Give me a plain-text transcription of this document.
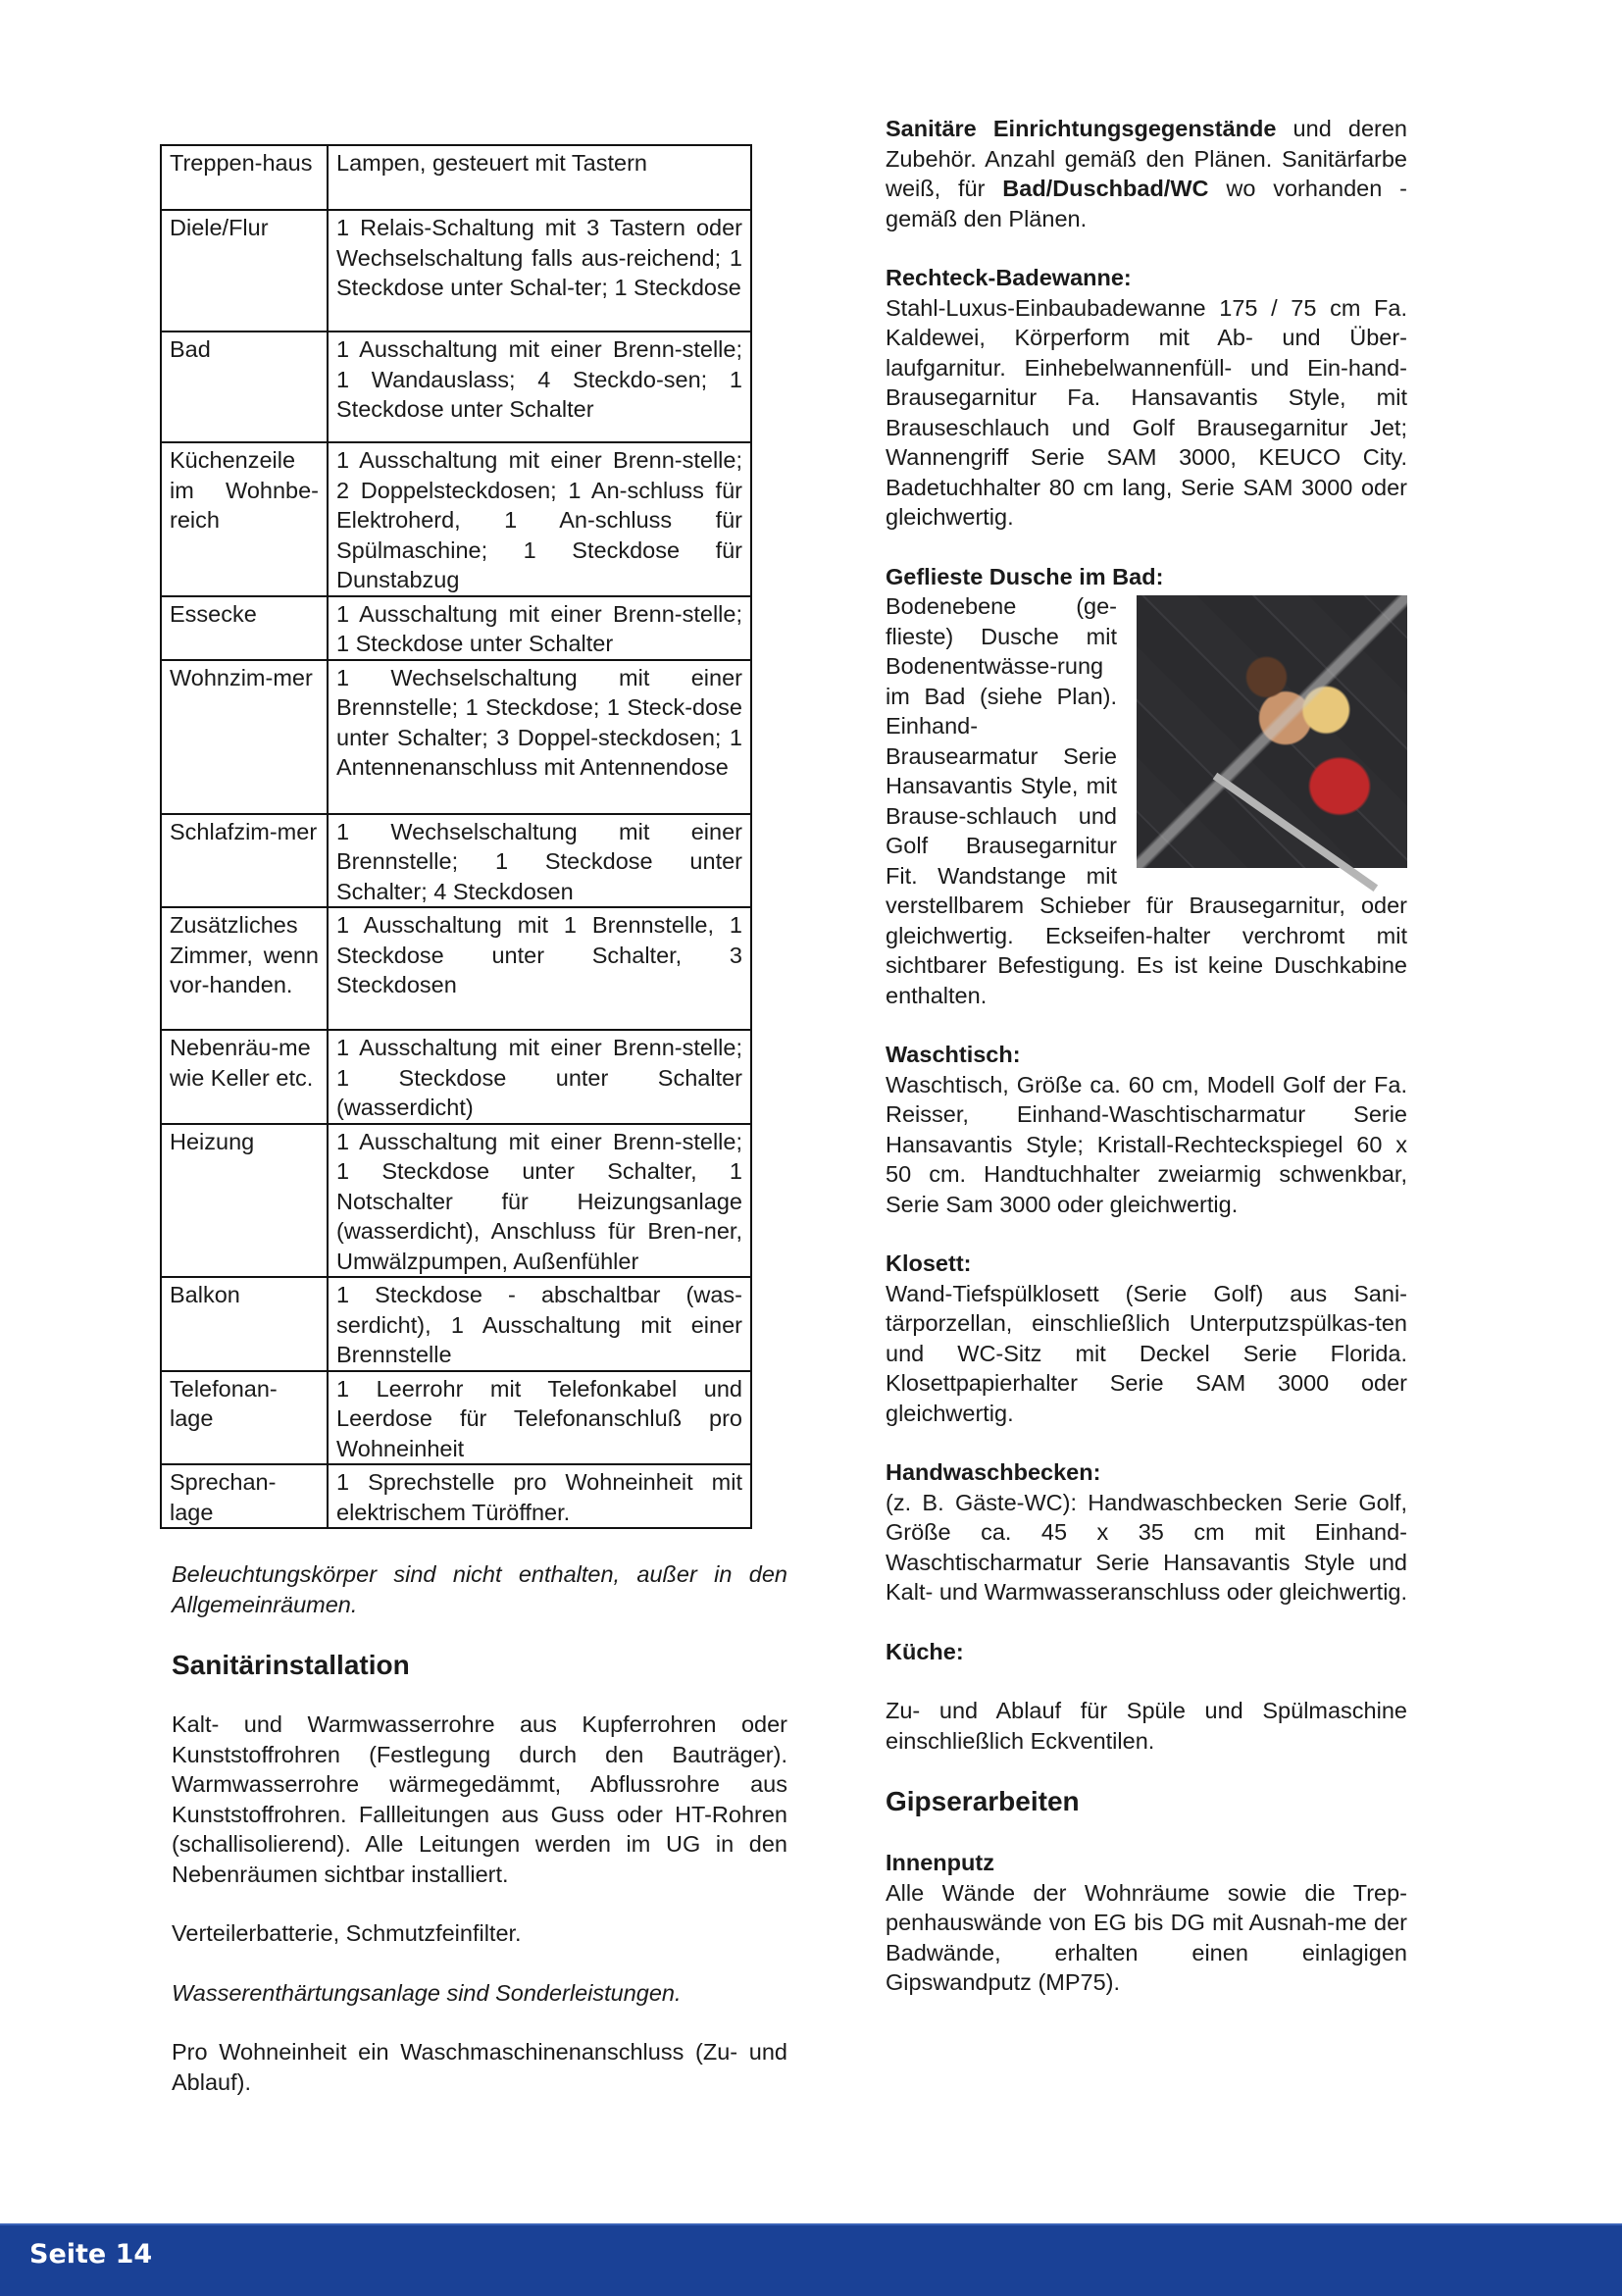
Treppen-haus	Lampen, gesteuert mit Tastern
Diele/Flur	1 Relais-Schaltung mit 3 Tastern oder Wechselschaltung falls aus-reichend; 1 Steckdose unter Schal-ter; 1 Steckdose
Bad	1 Ausschaltung mit einer Brenn-stelle; 1 Wandauslass; 4 Steckdo-sen; 1 Steckdose unter Schalter
Küchenzeile im Wohnbe-reich	1 Ausschaltung mit einer Brenn-stelle; 2 Doppelsteckdosen; 1 An-schluss für Elektroherd, 1 An-schluss für Spülmaschine; 1 Steckdose für Dunstabzug
Essecke	1 Ausschaltung mit einer Brenn-stelle; 1 Steckdose unter Schalter
Wohnzim-mer	1 Wechselschaltung mit einer Brennstelle; 1 Steckdose; 1 Steck-dose unter Schalter; 3 Doppel-steckdosen; 1 Antennenanschluss mit Antennendose
Schlafzim-mer	1 Wechselschaltung mit einer Brennstelle; 1 Steckdose unter Schalter; 4 Steckdosen
Zusätzliches Zimmer, wenn vor-handen.	1 Ausschaltung mit 1 Brennstelle, 1 Steckdose unter Schalter, 3 Steckdosen
Nebenräu-me wie Keller etc.	1 Ausschaltung mit einer Brenn-stelle; 1 Steckdose unter Schalter (wasserdicht)
Heizung	1 Ausschaltung mit einer Brenn-stelle; 1 Steckdose unter Schalter, 1 Notschalter für Heizungsanlage (wasserdicht), Anschluss für Bren-ner, Umwälzpumpen, Außenfühler
Balkon	1 Steckdose - abschaltbar (was-serdicht), 1 Ausschaltung mit einer Brennstelle
Telefonan-lage	1 Leerrohr mit Telefonkabel und Leerdose für Telefonanschluß pro Wohneinheit
Sprechan-lage	1 Sprechstelle pro Wohneinheit mit elektrischem Türöffner.

Beleuchtungskörper sind nicht enthalten, außer in den Allgemeinräumen.

Sanitärinstallation

Kalt- und Warmwasserrohre aus Kupferrohren oder Kunststoffrohren (Festlegung durch den Bauträger). Warmwasserrohre wärmegedämmt, Abflussrohre aus Kunststoffrohren. Fallleitungen aus Guss oder HT-Rohren (schallisolierend). Alle Leitungen werden im UG in den Nebenräumen sichtbar installiert.

Verteilerbatterie, Schmutzfeinfilter.

Wasserenthärtungsanlage sind Sonderleistungen.

Pro Wohneinheit ein Waschmaschinenanschluss (Zu- und Ablauf).

Sanitäre Einrichtungsgegenstände und deren Zubehör. Anzahl gemäß den Plänen. Sanitärfarbe weiß, für Bad/Duschbad/WC wo vorhanden - gemäß den Plänen.

Rechteck-Badewanne:

Stahl-Luxus-Einbaubadewanne 175 / 75 cm Fa. Kaldewei, Körperform mit Ab- und Über-laufgarnitur. Einhebelwannenfüll- und Ein-hand-Brausegarnitur Fa. Hansavantis Style, mit Brauseschlauch und Golf Brausegarnitur Jet; Wannengriff Serie SAM 3000, KEUCO City. Badetuchhalter 80 cm lang, Serie SAM 3000 oder gleichwertig.

Geflieste Dusche im Bad:

Bodenebene (ge-flieste) Dusche mit Bodenentwässe-rung im Bad (siehe Plan). Einhand-Brausearmatur Serie Hansavantis Style, mit Brause-schlauch und Golf Brausegarnitur Fit. Wandstange mit verstellbarem Schieber für Brausegarnitur, oder gleichwertig. Eckseifen-halter verchromt mit sichtbarer Befestigung. Es ist keine Duschkabine enthalten.

Waschtisch:

Waschtisch, Größe ca. 60 cm, Modell Golf der Fa. Reisser, Einhand-Waschtischarmatur Serie Hansavantis Style; Kristall-Rechteckspiegel 60 x 50 cm. Handtuchhalter zweiarmig schwenkbar, Serie Sam 3000 oder gleichwertig.

Klosett:

Wand-Tiefspülklosett (Serie Golf) aus Sani-tärporzellan, einschließlich Unterputzspülkas-ten und WC-Sitz mit Deckel Serie Florida. Klosettpapierhalter Serie SAM 3000 oder gleichwertig.

Handwaschbecken:

(z. B. Gäste-WC): Handwaschbecken Serie Golf, Größe ca. 45 x 35 cm mit Einhand-Waschtischarmatur Serie Hansavantis Style und Kalt- und Warmwasseranschluss oder gleichwertig.

Küche:

Zu- und Ablauf für Spüle und Spülmaschine einschließlich Eckventilen.

Gipserarbeiten
Innenputz

Alle Wände der Wohnräume sowie die Trep-penhauswände von EG bis DG mit Ausnah-me der Badwände, erhalten einen einlagigen Gipswandputz (MP75).

Seite 14
